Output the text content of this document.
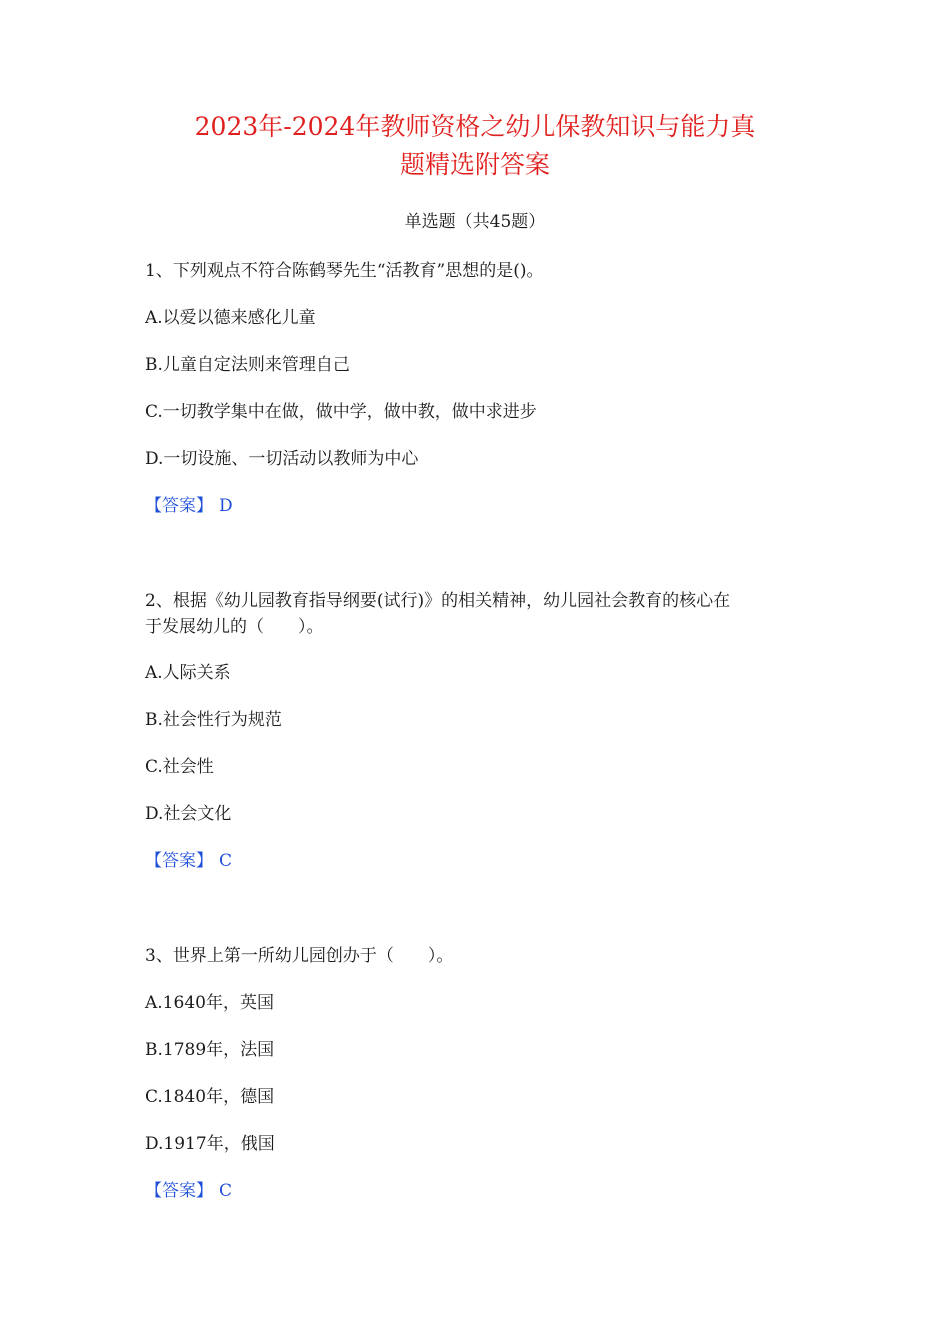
2023年-2024年教师资格之幼儿保教知识与能力真
题精选附答案
单选题（共45题）
1、下列观点不符合陈鹤琴先生“活教育”思想的是()。
A.以爱以德来感化儿童
B.儿童自定法则来管理自己
C.一切教学集中在做，做中学，做中教，做中求进步
D.一切设施、一切活动以教师为中心
【答案】 D
2、根据《幼儿园教育指导纲要(试行)》的相关精神，幼儿园社会教育的核心在
于发展幼儿的（　　）。
A.人际关系
B.社会性行为规范
C.社会性
D.社会文化
【答案】 C
3、世界上第一所幼儿园创办于（　　）。
A.1640年，英国
B.1789年，法国
C.1840年，德国
D.1917年，俄国
【答案】 C
